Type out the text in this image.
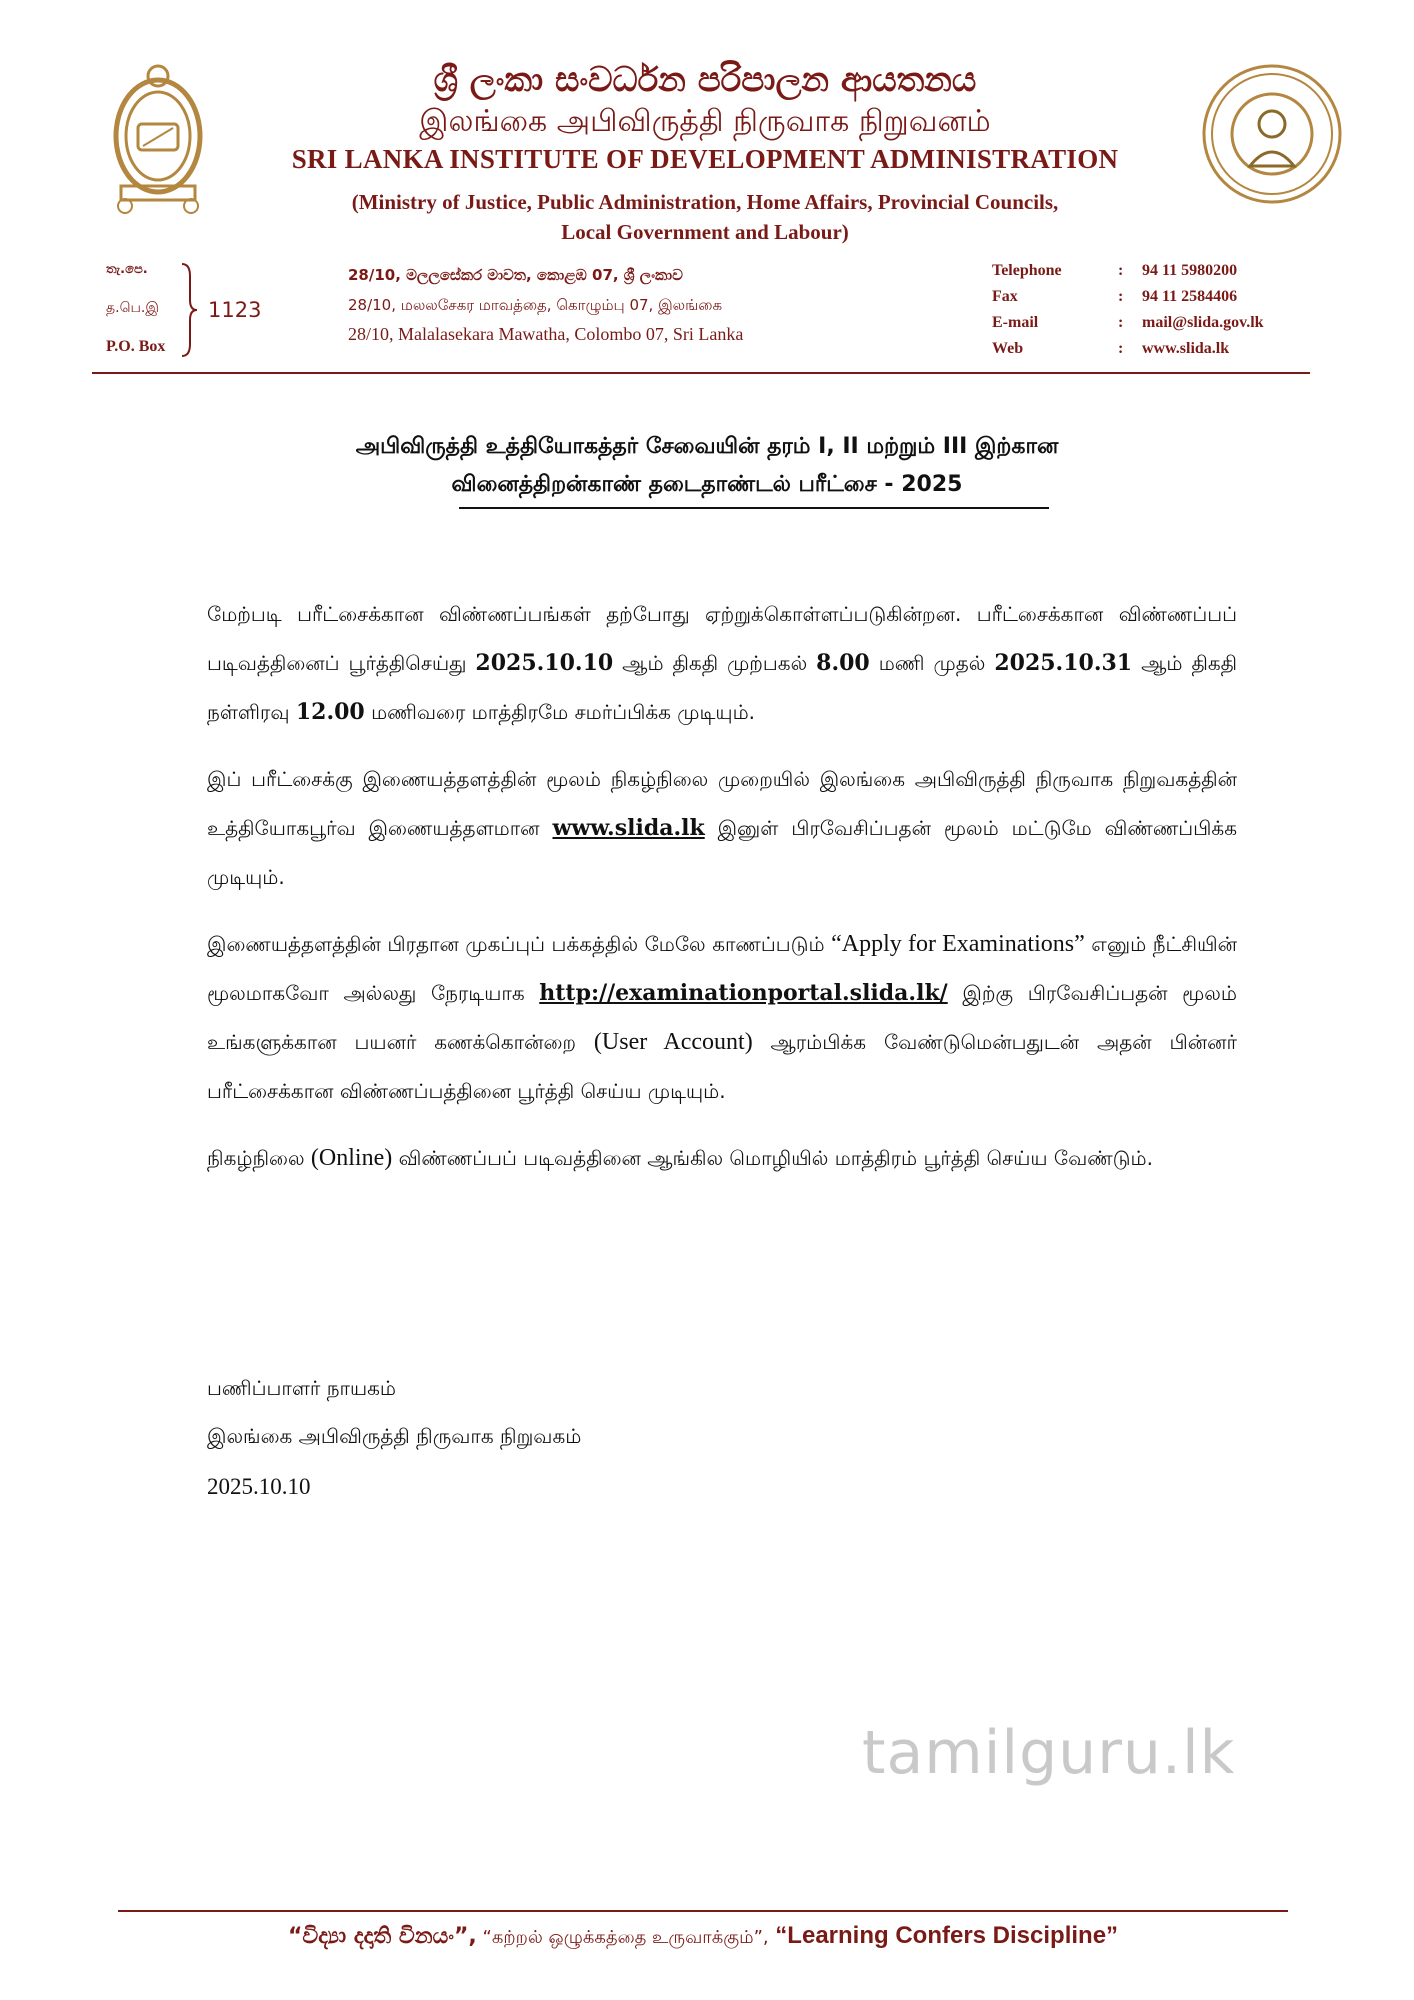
ශ්‍රී ලංකා සංවර්ධන පරිපාලන ආයතනය
இலங்கை அபிவிருத்தி நிருவாக நிறுவனம்
SRI LANKA INSTITUTE OF DEVELOPMENT ADMINISTRATION
(Ministry of Justice, Public Administration, Home Affairs, Provincial Councils,
Local Government and Labour)
තැ.පෙ.
த.பெ.இ
P.O. Box
1123
28/10, මලලසේකර මාවත, කොළඹ 07, ශ්‍රී ලංකාව
28/10, மலலசேகர மாவத்தை, கொழும்பு 07, இலங்கை
28/10, Malalasekara Mawatha, Colombo 07, Sri Lanka
Telephone	: 94 11 5980200
Fax	: 94 11 2584406
E-mail	: mail@slida.gov.lk
Web	: www.slida.lk
அபிவிருத்தி உத்தியோகத்தர் சேவையின் தரம் I, II மற்றும் III இற்கான
வினைத்திறன்காண் தடைதாண்டல் பரீட்சை - 2025

மேற்படி பரீட்சைக்கான விண்ணப்பங்கள் தற்போது ஏற்றுக்கொள்ளப்படுகின்றன. பரீட்சைக்கான விண்ணப்பப் படிவத்தினைப் பூர்த்திசெய்து 2025.10.10 ஆம் திகதி முற்பகல் 8.00 மணி முதல் 2025.10.31 ஆம் திகதி நள்ளிரவு 12.00 மணிவரை மாத்திரமே சமர்ப்பிக்க முடியும்.

இப் பரீட்சைக்கு இணையத்தளத்தின் மூலம் நிகழ்நிலை முறையில் இலங்கை அபிவிருத்தி நிருவாக நிறுவகத்தின் உத்தியோகபூர்வ இணையத்தளமான www.slida.lk இனுள் பிரவேசிப்பதன் மூலம் மட்டுமே விண்ணப்பிக்க முடியும்.

இணையத்தளத்தின் பிரதான முகப்புப் பக்கத்தில் மேலே காணப்படும் “Apply for Examinations” எனும் நீட்சியின் மூலமாகவோ அல்லது நேரடியாக http://examinationportal.slida.lk/ இற்கு பிரவேசிப்பதன் மூலம் உங்களுக்கான பயனர் கணக்கொன்றை (User Account) ஆரம்பிக்க வேண்டுமென்பதுடன் அதன் பின்னர் பரீட்சைக்கான விண்ணப்பத்தினை பூர்த்தி செய்ய முடியும்.

நிகழ்நிலை (Online) விண்ணப்பப் படிவத்தினை ஆங்கில மொழியில் மாத்திரம் பூர்த்தி செய்ய வேண்டும்.

பணிப்பாளர் நாயகம்
இலங்கை அபிவிருத்தி நிருவாக நிறுவகம்
2025.10.10
tamilguru.lk
“විද්‍යා දදාති විනයං”, “கற்றல் ஒழுக்கத்தை உருவாக்கும்”, “Learning Confers Discipline”
